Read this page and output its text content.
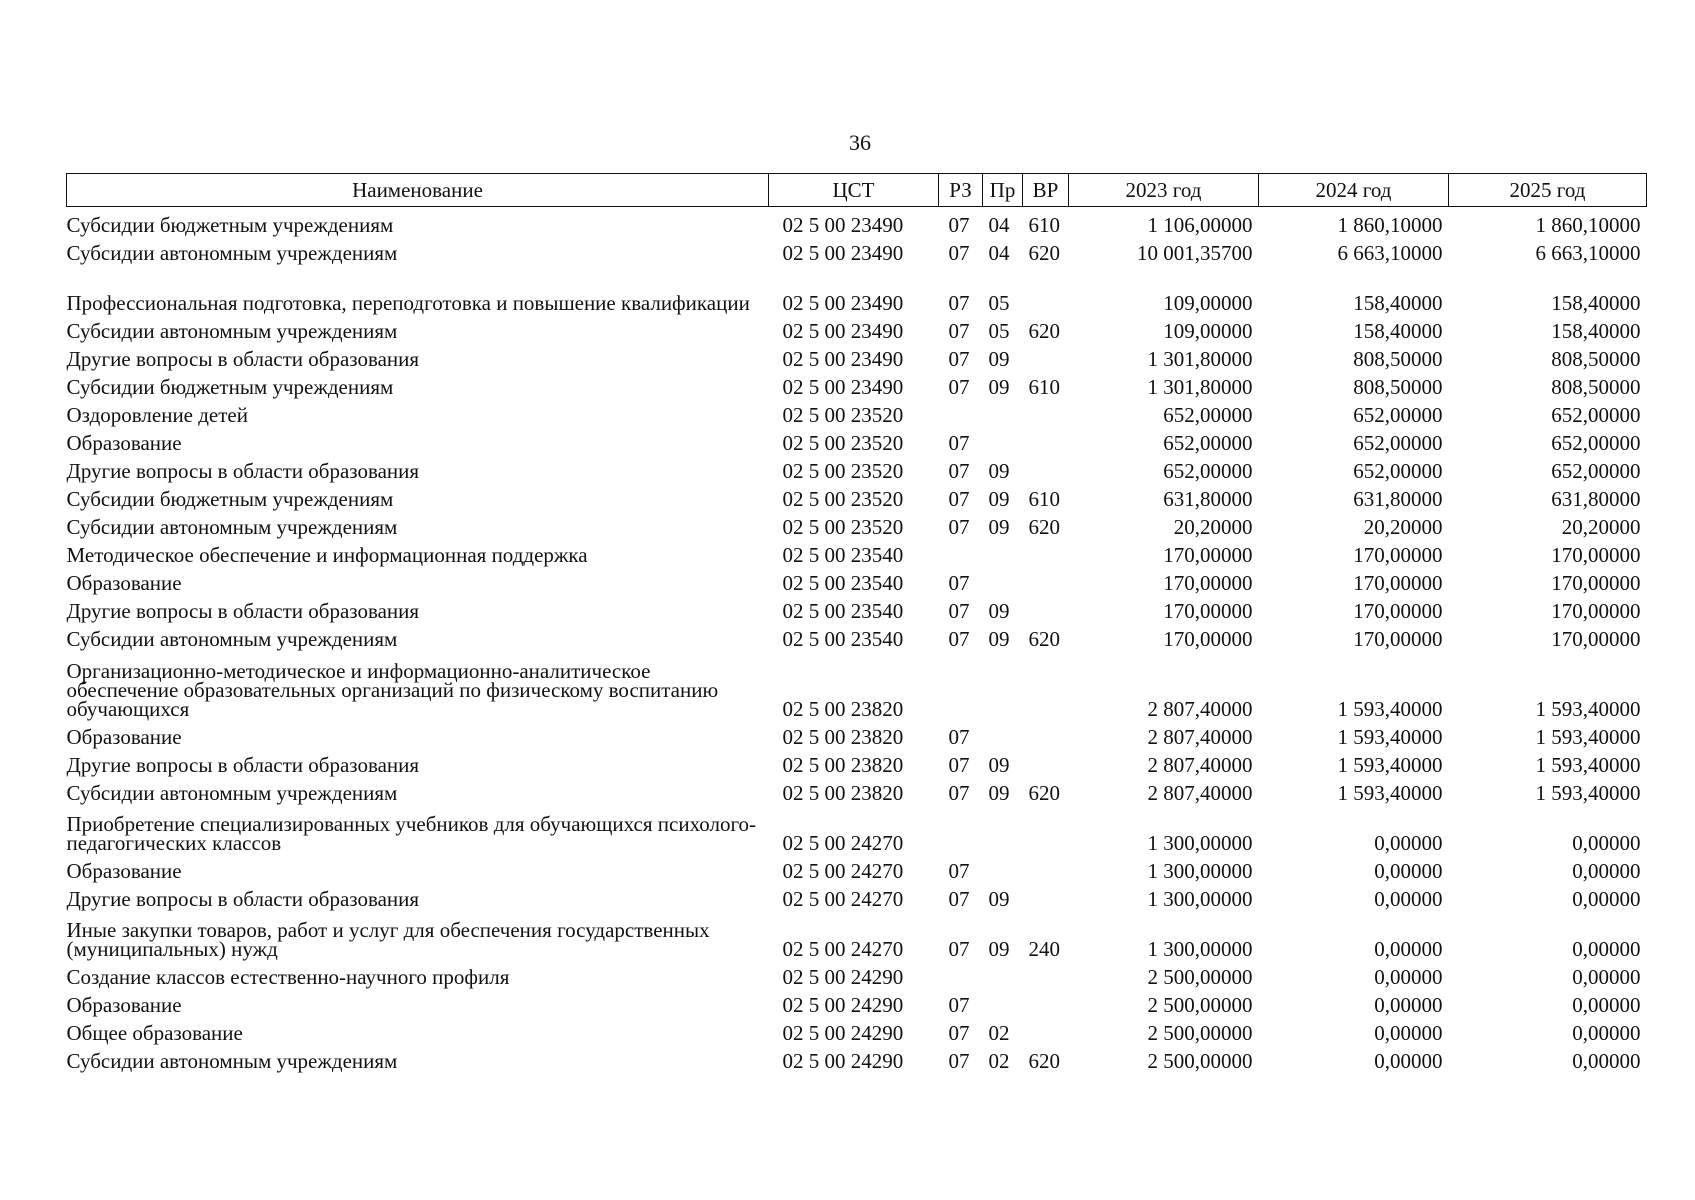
36
Наименование	ЦСТ	РЗ	Пр	ВР	2023 год	2024 год	2025 год
Субсидии бюджетным учреждениям	02 5 00 23490	07	04	610	1 106,00000	1 860,10000	1 860,10000
Субсидии автономным учреждениям	02 5 00 23490	07	04	620	10 001,35700	6 663,10000	6 663,10000
Профессиональная подготовка, переподготовка и повышение квалификации	02 5 00 23490	07	05		109,00000	158,40000	158,40000
Субсидии автономным учреждениям	02 5 00 23490	07	05	620	109,00000	158,40000	158,40000
Другие вопросы в области образования	02 5 00 23490	07	09		1 301,80000	808,50000	808,50000
Субсидии бюджетным учреждениям	02 5 00 23490	07	09	610	1 301,80000	808,50000	808,50000
Оздоровление детей	02 5 00 23520				652,00000	652,00000	652,00000
Образование	02 5 00 23520	07			652,00000	652,00000	652,00000
Другие вопросы в области образования	02 5 00 23520	07	09		652,00000	652,00000	652,00000
Субсидии бюджетным учреждениям	02 5 00 23520	07	09	610	631,80000	631,80000	631,80000
Субсидии автономным учреждениям	02 5 00 23520	07	09	620	20,20000	20,20000	20,20000
Методическое обеспечение и информационная поддержка	02 5 00 23540				170,00000	170,00000	170,00000
Образование	02 5 00 23540	07			170,00000	170,00000	170,00000
Другие вопросы в области образования	02 5 00 23540	07	09		170,00000	170,00000	170,00000
Субсидии автономным учреждениям	02 5 00 23540	07	09	620	170,00000	170,00000	170,00000
Организационно-методическое и информационно-аналитическое обеспечение образовательных организаций по физическому воспитанию обучающихся	02 5 00 23820				2 807,40000	1 593,40000	1 593,40000
Образование	02 5 00 23820	07			2 807,40000	1 593,40000	1 593,40000
Другие вопросы в области образования	02 5 00 23820	07	09		2 807,40000	1 593,40000	1 593,40000
Субсидии автономным учреждениям	02 5 00 23820	07	09	620	2 807,40000	1 593,40000	1 593,40000
Приобретение специализированных учебников для обучающихся психолого-педагогических классов	02 5 00 24270				1 300,00000	0,00000	0,00000
Образование	02 5 00 24270	07			1 300,00000	0,00000	0,00000
Другие вопросы в области образования	02 5 00 24270	07	09		1 300,00000	0,00000	0,00000
Иные закупки товаров, работ и услуг для обеспечения государственных (муниципальных) нужд	02 5 00 24270	07	09	240	1 300,00000	0,00000	0,00000
Создание классов естественно-научного профиля	02 5 00 24290				2 500,00000	0,00000	0,00000
Образование	02 5 00 24290	07			2 500,00000	0,00000	0,00000
Общее образование	02 5 00 24290	07	02		2 500,00000	0,00000	0,00000
Субсидии автономным учреждениям	02 5 00 24290	07	02	620	2 500,00000	0,00000	0,00000
